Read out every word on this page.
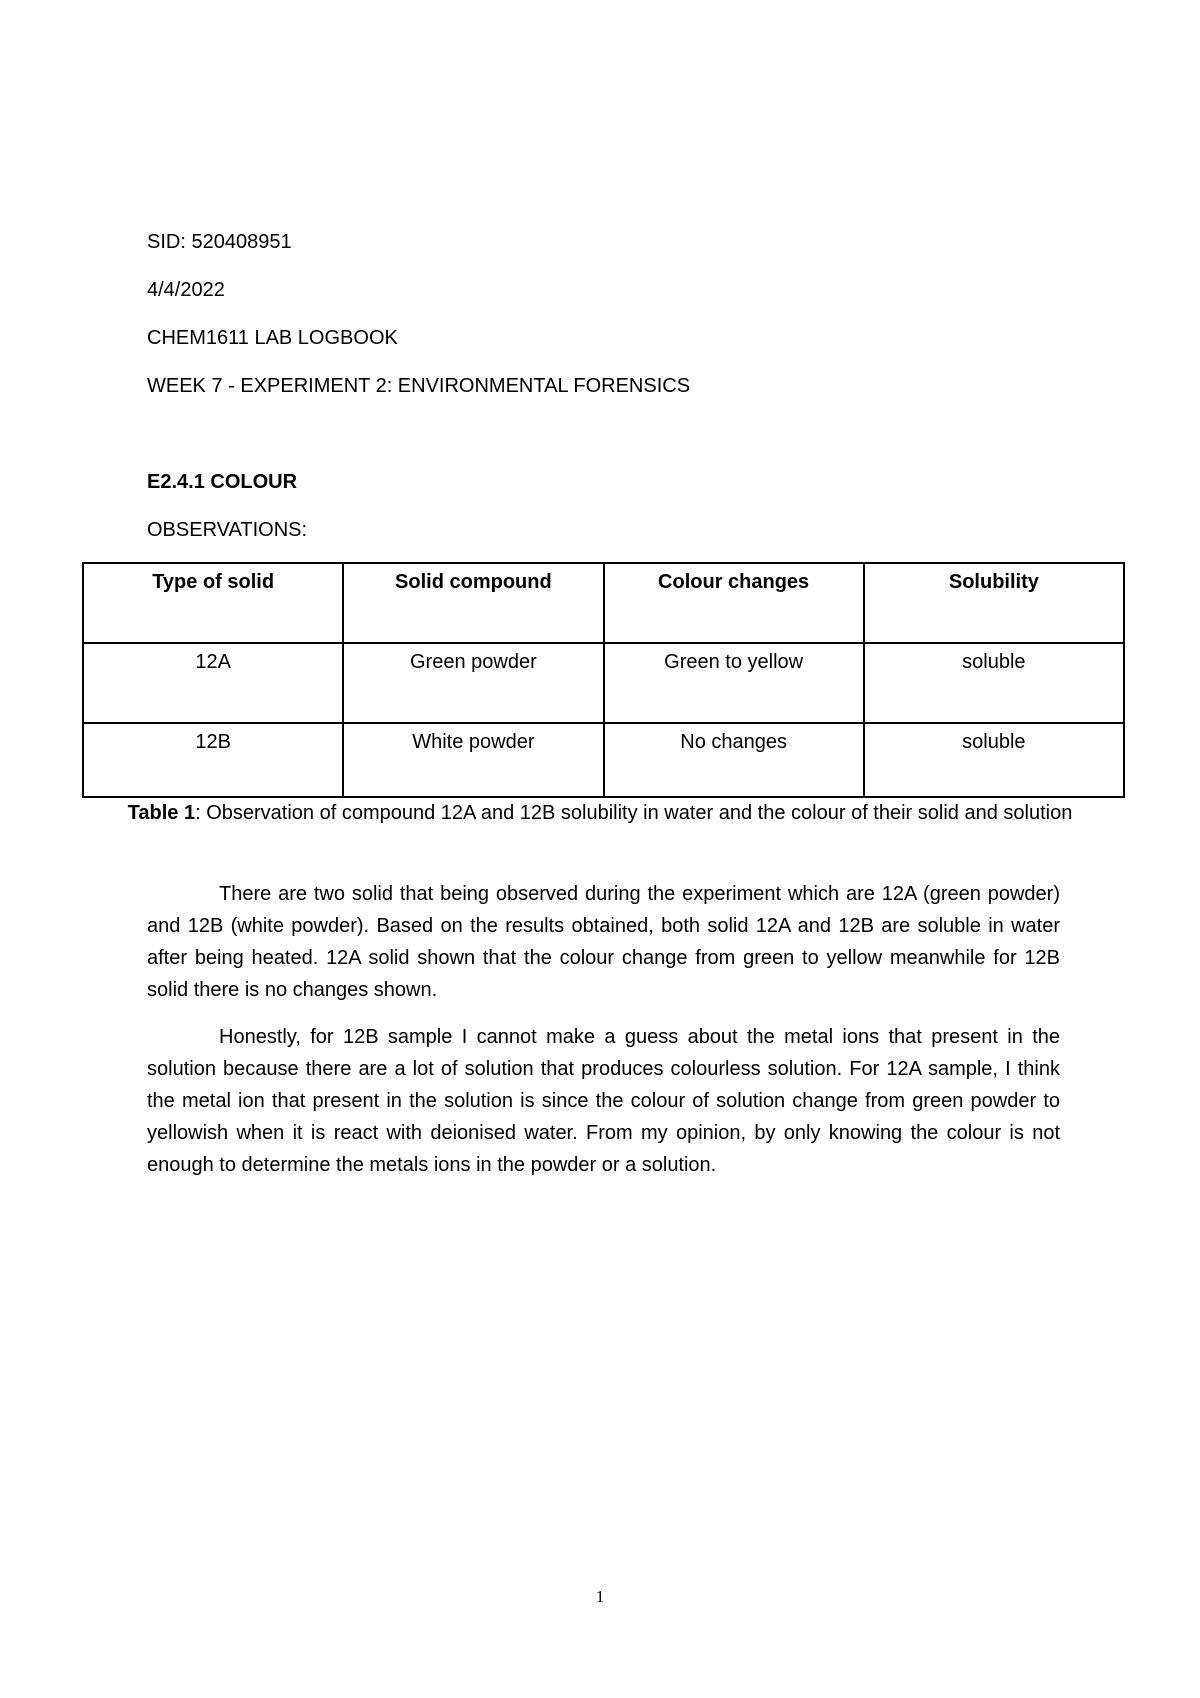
SID: 520408951
4/4/2022
CHEM1611 LAB LOGBOOK
WEEK 7 - EXPERIMENT 2: ENVIRONMENTAL FORENSICS
E2.4.1 COLOUR
OBSERVATIONS:
Type of solid	Solid compound	Colour changes	Solubility
12A	Green powder	Green to yellow	soluble
12B	White powder	No changes	soluble
Table 1: Observation of compound 12A and 12B solubility in water and the colour of their solid and solution
There are two solid that being observed during the experiment which are 12A (green powder) and 12B (white powder). Based on the results obtained, both solid 12A and 12B are soluble in water after being heated. 12A solid shown that the colour change from green to yellow meanwhile for 12B solid there is no changes shown.
Honestly, for 12B sample I cannot make a guess about the metal ions that present in the solution because there are a lot of solution that produces colourless solution. For 12A sample, I think the metal ion that present in the solution is since the colour of solution change from green powder to yellowish when it is react with deionised water. From my opinion, by only knowing the colour is not enough to determine the metals ions in the powder or a solution.
1
